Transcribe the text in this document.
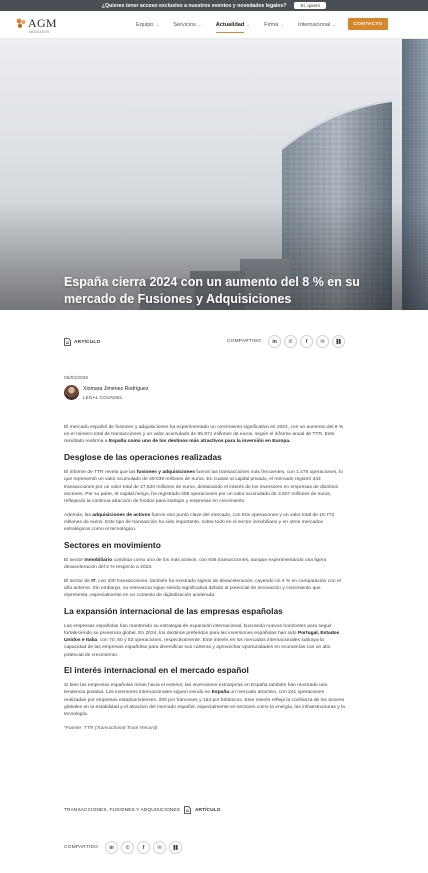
¿Quieres tener acceso exclusivo a nuestros eventos y novedades legales?	Sí, quiero
AGM
ABOGADOS
Equipo ⌄	Servicios ⌄	Actualidad ⌄	Firma ⌄	Internacional ⌄	CONTACTO
España cierra 2024 con un aumento del 8 % en su mercado de Fusiones y Adquisiciones
ARTÍCULO	COMPARTIDO	in	✆	f	✉	⛓
05/02/2025
Xiomara Jiménez Rodríguez
LEGAL COUNSEL

El mercado español de fusiones y adquisiciones ha experimentado un crecimiento significativo en 2024, con un aumento del 8 % en el número total de transacciones y un valor acumulado de 95.971 millones de euros, según el informe anual de TTR. Este resultado reafirma a España como uno de los destinos más atractivos para la inversión en Europa.

Desglose de las operaciones realizadas

El informe de TTR revela que las fusiones y adquisiciones fueron las transacciones más frecuentes, con 1.476 operaciones, lo que representó un valor acumulado de 49.039 millones de euros. En cuanto al capital privado, el mercado registró 343 transacciones por un valor total de 27.620 millones de euros, destacando el interés de los inversores en empresas de distintos sectores. Por su parte, el capital riesgo, ha registrado 458 operaciones por un valor acumulado de 3.607 millones de euros, reflejando la continua atracción de fondos para startups y empresas en crecimiento.

Además, las adquisiciones de activos fueron otro punto clave del mercado, con 915 operaciones y un valor total de 15.772 millones de euros. Este tipo de transacción ha sido importante, sobre todo en el sector inmobiliario y en otros mercados estratégicos como el tecnológico.

Sectores en movimiento

El sector Inmobiliario continúa como uno de los más activos, con 646 transacciones, aunque experimentando una ligera desaceleración del 2 % respecto a 2023.

El sector de IT, con 330 transacciones, también ha mostrado signos de desaceleración, cayendo un 4 % en comparación con el año anterior. Sin embargo, su relevancia sigue siendo significativa debido al potencial de innovación y crecimiento que representa, especialmente en un contexto de digitalización acelerada.

La expansión internacional de las empresas españolas

Las empresas españolas han mantenido su estrategia de expansión internacional, buscando nuevos horizontes para seguir fortaleciendo su presencia global. En 2024, los destinos preferidos para las inversiones españolas han sido Portugal, Estados Unidos e Italia, con 70, 60 y 53 operaciones, respectivamente. Este interés en los mercados internacionales subraya la capacidad de las empresas españolas para diversificar sus carteras y aprovechar oportunidades en economías con un alto potencial de crecimiento.

El interés internacional en el mercado español

Si bien las empresas españolas miran hacia el exterior, las inversiones extranjeras en España también han mostrado una tendencia positiva. Los inversores internacionales siguen viendo en España un mercado atractivo, con 241 operaciones realizadas por empresas estadounidenses, 200 por franceses y 163 por británicos. Este interés refleja la confianza de los actores globales en la estabilidad y el atractivo del mercado español, especialmente en sectores como la energía, las infraestructuras y la tecnología.

*Fuente: TTR (Transactional Track Record)

TRANSACCIONES, FUSIONES Y ADQUISICIONES	ARTÍCULO
COMPARTIDO	in	✆	f	✉	⛓
